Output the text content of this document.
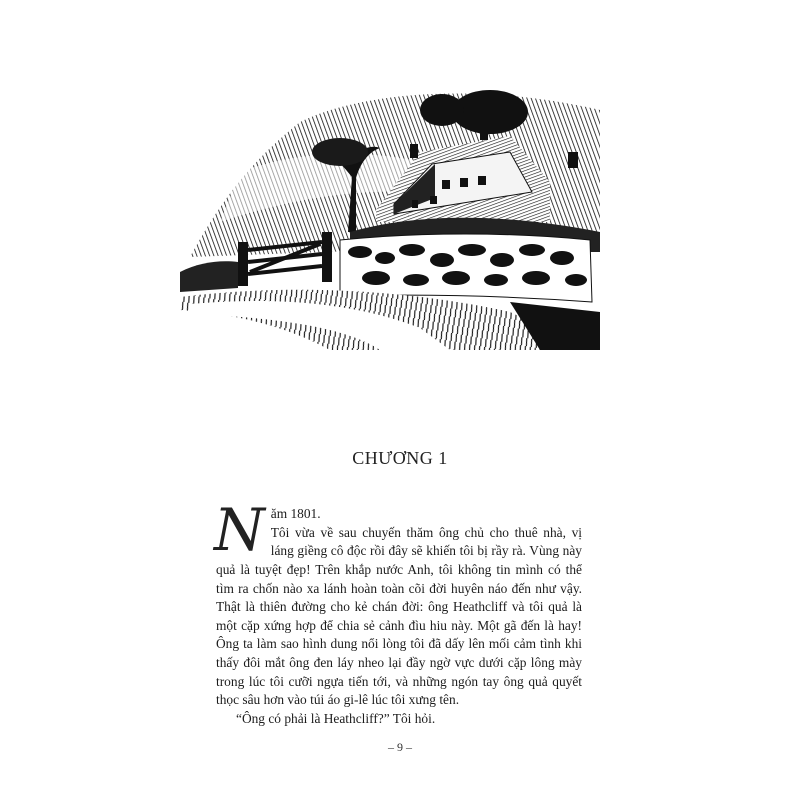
CHƯƠNG 1
N ăm 1801.
Tôi vừa về sau chuyến thăm ông chủ cho thuê nhà, vị
láng giềng cô độc rồi đây sẽ khiến tôi bị rầy rà. Vùng này
quả là tuyệt đẹp! Trên khắp nước Anh, tôi không tin mình có thể
tìm ra chốn nào xa lánh hoàn toàn cõi đời huyên náo đến như vậy.
Thật là thiên đường cho kẻ chán đời: ông Heathcliff và tôi quả là
một cặp xứng hợp để chia sẻ cảnh đìu hiu này. Một gã đến là hay!
Ông ta làm sao hình dung nổi lòng tôi đã dấy lên mối cảm tình khi
thấy đôi mắt ông đen láy nheo lại đầy ngờ vực dưới cặp lông mày
trong lúc tôi cưỡi ngựa tiến tới, và những ngón tay ông quả quyết
thọc sâu hơn vào túi áo gi-lê lúc tôi xưng tên.
“Ông có phải là Heathcliff?” Tôi hỏi.
– 9 –
